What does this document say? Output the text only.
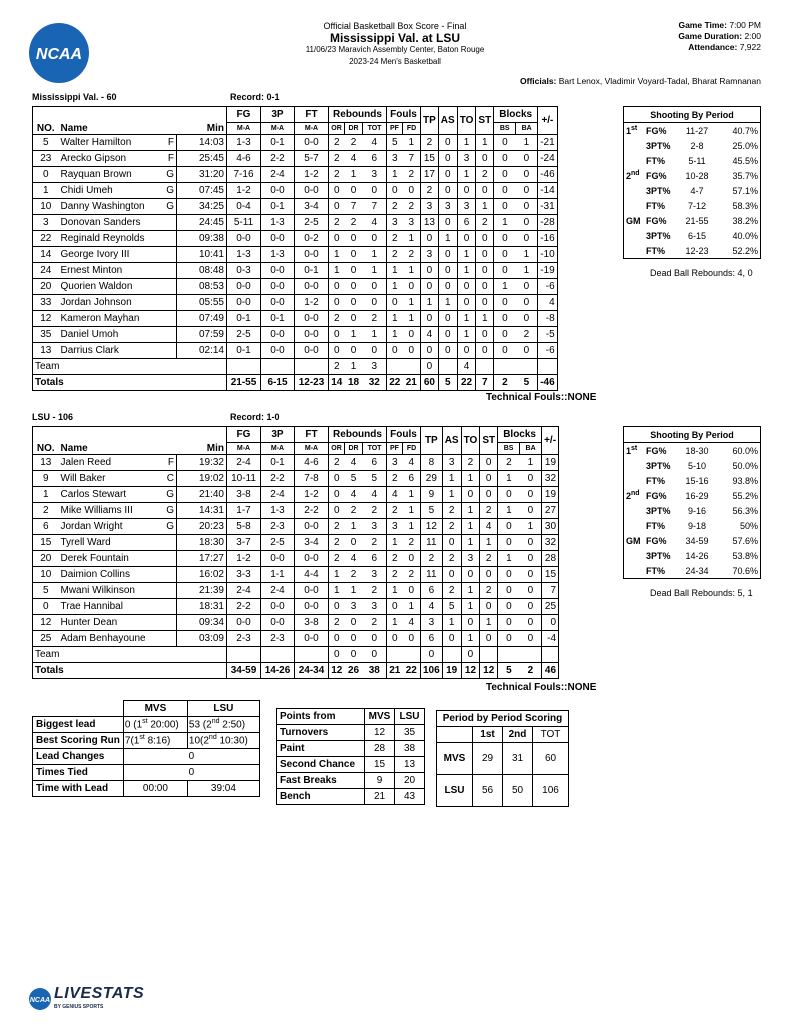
NCAA
Official Basketball Box Score - Final
Mississippi Val. at LSU
11/06/23 Maravich Assembly Center, Baton Rouge
2023-24 Men's Basketball
Game Time: 7:00 PM
Game Duration: 2:00
Attendance: 7,922
Officials: Bart Lenox, Vladimir Voyard-Tadal, Bharat Ramnanan
Mississippi Val. - 60	Record: 0-1
			FG	3P	FT	Rebounds			Fouls		TP	AS	TO	ST	Blocks		+/-
NO.	Name	Min	M-A	M-A	M-A	OR	DR	TOT	PF	FD					BS	BA	
5	Walter Hamilton F	14:03	1-3	0-1	0-0	2	2	4	5	1	2	0	1	1	0	1	-21
23	Arecko Gipson F	25:45	4-6	2-2	5-7	2	4	6	3	7	15	0	3	0	0	0	-24
0	Rayquan Brown G	31:20	7-16	2-4	1-2	2	1	3	1	2	17	0	1	2	0	0	-46
1	Chidi Umeh G	07:45	1-2	0-0	0-0	0	0	0	0	0	2	0	0	0	0	0	-14
10	Danny Washington G	34:25	0-4	0-1	3-4	0	7	7	2	2	3	3	3	1	0	0	-31
3	Donovan Sanders	24:45	5-11	1-3	2-5	2	2	4	3	3	13	0	6	2	1	0	-28
22	Reginald Reynolds	09:38	0-0	0-0	0-2	0	0	0	2	1	0	1	0	0	0	0	-16
14	George Ivory III	10:41	1-3	1-3	0-0	1	0	1	2	2	3	0	1	0	0	1	-10
24	Ernest Minton	08:48	0-3	0-0	0-1	1	0	1	1	1	0	0	1	0	0	1	-19
20	Quorien Waldon	08:53	0-0	0-0	0-0	0	0	0	1	0	0	0	0	0	1	0	-6
33	Jordan Johnson	05:55	0-0	0-0	1-2	0	0	0	0	1	1	1	0	0	0	0	4
12	Kameron Mayhan	07:49	0-1	0-1	0-0	2	0	2	1	1	0	0	1	1	0	0	-8
35	Daniel Umoh	07:59	2-5	0-0	0-0	0	1	1	1	0	4	0	1	0	0	2	-5
13	Darrius Clark	02:14	0-1	0-0	0-0	0	0	0	0	0	0	0	0	0	0	0	-6
Team						2	1	3			0		4				
Totals			21-55	6-15	12-23	14	18	32	22	21	60	5	22	7	2	5	-46
Technical Fouls::NONE
Shooting By Period
1st	FG%	11-27	40.7%
	3PT%	2-8	25.0%
	FT%	5-11	45.5%
2nd	FG%	10-28	35.7%
	3PT%	4-7	57.1%
	FT%	7-12	58.3%
GM	FG%	21-55	38.2%
	3PT%	6-15	40.0%
	FT%	12-23	52.2%
Dead Ball Rebounds: 4, 0
LSU - 106	Record: 1-0
			FG	3P	FT	Rebounds			Fouls		TP	AS	TO	ST	Blocks		+/-
NO.	Name	Min	M-A	M-A	M-A	OR	DR	TOT	PF	FD					BS	BA	
13	Jalen Reed F	19:32	2-4	0-1	4-6	2	4	6	3	4	8	3	2	0	2	1	19
9	Will Baker C	19:02	10-11	2-2	7-8	0	5	5	2	6	29	1	1	0	1	0	32
1	Carlos Stewart G	21:40	3-8	2-4	1-2	0	4	4	4	1	9	1	0	0	0	0	19
2	Mike Williams III G	14:31	1-7	1-3	2-2	0	2	2	2	1	5	2	1	2	1	0	27
6	Jordan Wright G	20:23	5-8	2-3	0-0	2	1	3	3	1	12	2	1	4	0	1	30
15	Tyrell Ward	18:30	3-7	2-5	3-4	2	0	2	1	2	11	0	1	1	0	0	32
20	Derek Fountain	17:27	1-2	0-0	0-0	2	4	6	2	0	2	2	3	2	1	0	28
10	Daimion Collins	16:02	3-3	1-1	4-4	1	2	3	2	2	11	0	0	0	0	0	15
5	Mwani Wilkinson	21:39	2-4	2-4	0-0	1	1	2	1	0	6	2	1	2	0	0	7
0	Trae Hannibal	18:31	2-2	0-0	0-0	0	3	3	0	1	4	5	1	0	0	0	25
12	Hunter Dean	09:34	0-0	0-0	3-8	2	0	2	1	4	3	1	0	1	0	0	0
25	Adam Benhayoune	03:09	2-3	2-3	0-0	0	0	0	0	0	6	0	1	0	0	0	-4
Team						0	0	0			0		0				
Totals			34-59	14-26	24-34	12	26	38	21	22	106	19	12	12	5	2	46
Technical Fouls::NONE
Shooting By Period
1st	FG%	18-30	60.0%
	3PT%	5-10	50.0%
	FT%	15-16	93.8%
2nd	FG%	16-29	55.2%
	3PT%	9-16	56.3%
	FT%	9-18	50%
GM	FG%	34-59	57.6%
	3PT%	14-26	53.8%
	FT%	24-34	70.6%
Dead Ball Rebounds: 5, 1
	MVS	LSU
Biggest lead	0 (1st 20:00)	53 (2nd 2:50)
Best Scoring Run	7(1st 8:16)	10(2nd 10:30)
Lead Changes	0	
Times Tied	0	
Time with Lead	00:00	39:04
Points from	MVS	LSU
Turnovers	12	35
Paint	28	38
Second Chance	15	13
Fast Breaks	9	20
Bench	21	43
Period by Period Scoring			
	1st	2nd	TOT
MVS	29	31	60
LSU	56	50	106
NCAA LIVESTATS
BY GENIUS SPORTS
